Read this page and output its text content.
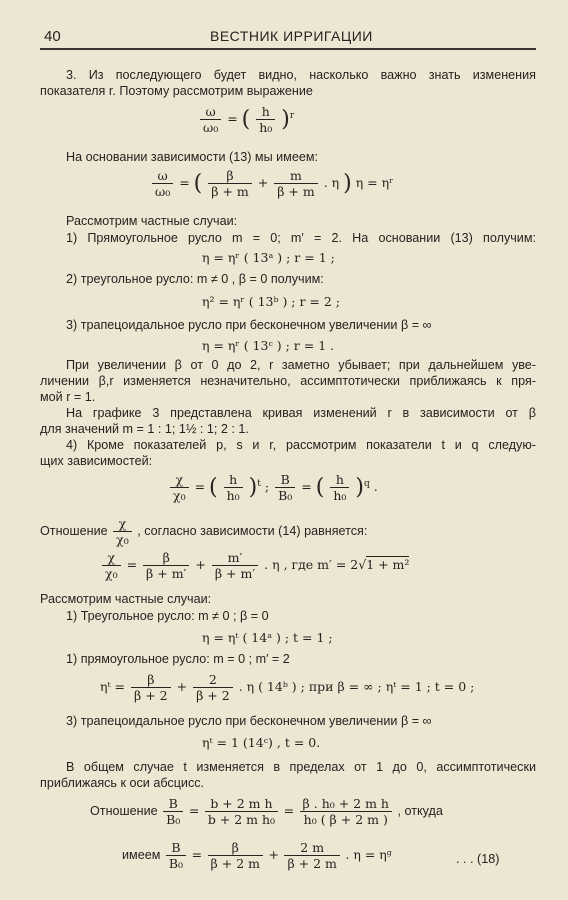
40	ВЕСТНИК ИРРИГАЦИИ
3. Из последующего будет видно, насколько важно знать изменения
показателя r. Поэтому рассмотрим выражение
$\frac{\omega}{\text{ω₀}}$ = ( $\frac{h}{\text{h₀}} )^r$
На основании зависимости (13) мы имеем:
$\frac{\omega}{\text{ω₀}}$ = ( $\frac{\beta}{\beta + m} + \frac{m}{\beta + m}$ . η ) η = ηʳ
Рассмотрим частные случаи:
1) Прямоугольное русло m = 0; m′ = 2. На основании (13) получим:
η = ηʳ ( 13ᵃ ) ; r = 1 ;
2) треугольное русло: m ≠ 0 , β = 0 получим:
η² = ηʳ ( 13ᵇ ) ; r = 2 ;
3) трапецоидальное русло при бесконечном увеличении β = ∞
η = ηʳ ( 13ᶜ ) ; r = 1 .
При увеличении β от 0 до 2, r заметно убывает; при дальнейшем уве-
личении β,r изменяется незначительно, ассимптотически приближаясь к пря-
мой r = 1.
На графике 3 представлена кривая изменений r в зависимости от β
для значений m = 1 : 1; 1½ : 1; 2 : 1.
4) Кроме показателей p, s и r, рассмотрим показатели t и q следую-
щих зависимостей:
$\frac{\chi}{\text{χ₀}}$ = ( $\frac{h}{\text{h₀}} )^t$ ; $\frac{B}{\text{B₀}}$ = ( $\frac{h}{\text{h₀}} )^q$ .
Отношение $\frac{\chi}{\text{χ₀}}$ , согласно зависимости (14) равняется:
$\frac{\chi}{\text{χ₀}} = \frac{\beta}{\beta + m'} + \frac{m'}{\beta + m'}$ . η , где m′ = 2√1 + m²
Рассмотрим частные случаи:
1) Треугольное русло: m ≠ 0 ; β = 0
η = ηᵗ ( 14ᵃ ) ; t = 1 ;
1) прямоугольное русло: m = 0 ; m′ = 2
ηᵗ = $\frac{\beta}{\beta + 2} + \frac{2}{\beta + 2}$ . η ( 14ᵇ ) ; при β = ∞ ; ηᵗ = 1 ; t = 0 ;
3) трапецоидальное русло при бесконечном увеличении β = ∞
ηᵗ = 1 (14ᶜ) , t = 0.
В общем случае t изменяется в пределах от 1 до 0, ассимптотически
приближаясь к оси абсцисс.
Отношение $\frac{B}{\text{B₀}} = \frac{\text{b + 2 m h}}{\text{b + 2 m h₀}} = \frac{\text{β . h₀ + 2 m h}}{\text{h₀ ( β + 2 m )}}$ , откуда
имеем $\frac{B}{\text{B₀}} = \frac{\beta}{\beta + 2 m} + \frac{2 m}{\beta + 2 m}$ . η = ηᵍ	. . . (18)
